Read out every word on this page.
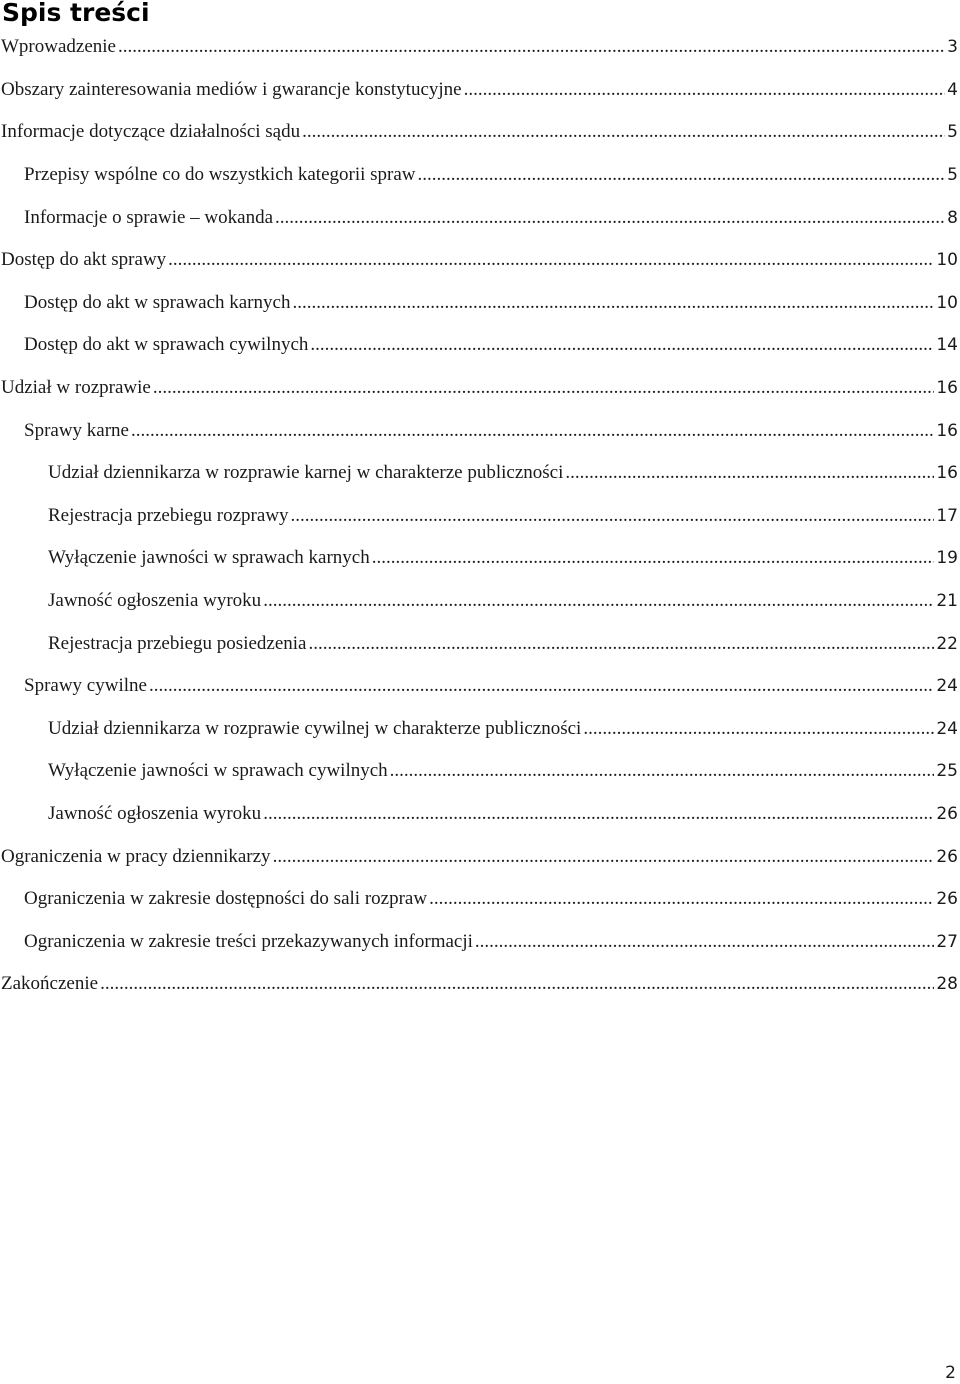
Spis treści
Wprowadzenie .....	3
Obszary zainteresowania mediów i gwarancje konstytucyjne .....	4
Informacje dotyczące działalności sądu .....	5
Przepisy wspólne co do wszystkich kategorii spraw .....	5
Informacje o sprawie – wokanda .....	8
Dostęp do akt sprawy .....	10
Dostęp do akt w sprawach karnych .....	10
Dostęp do akt w sprawach cywilnych .....	14
Udział w rozprawie .....	16
Sprawy karne .....	16
Udział dziennikarza w rozprawie karnej w charakterze publiczności .....	16
Rejestracja przebiegu rozprawy .....	17
Wyłączenie jawności w sprawach karnych .....	19
Jawność ogłoszenia wyroku .....	21
Rejestracja przebiegu posiedzenia .....	22
Sprawy cywilne .....	24
Udział dziennikarza w rozprawie cywilnej w charakterze publiczności .....	24
Wyłączenie jawności w sprawach cywilnych .....	25
Jawność ogłoszenia wyroku .....	26
Ograniczenia w pracy dziennikarzy .....	26
Ograniczenia w zakresie dostępności do sali rozpraw .....	26
Ograniczenia w zakresie treści przekazywanych informacji .....	27
Zakończenie .....	28
2
